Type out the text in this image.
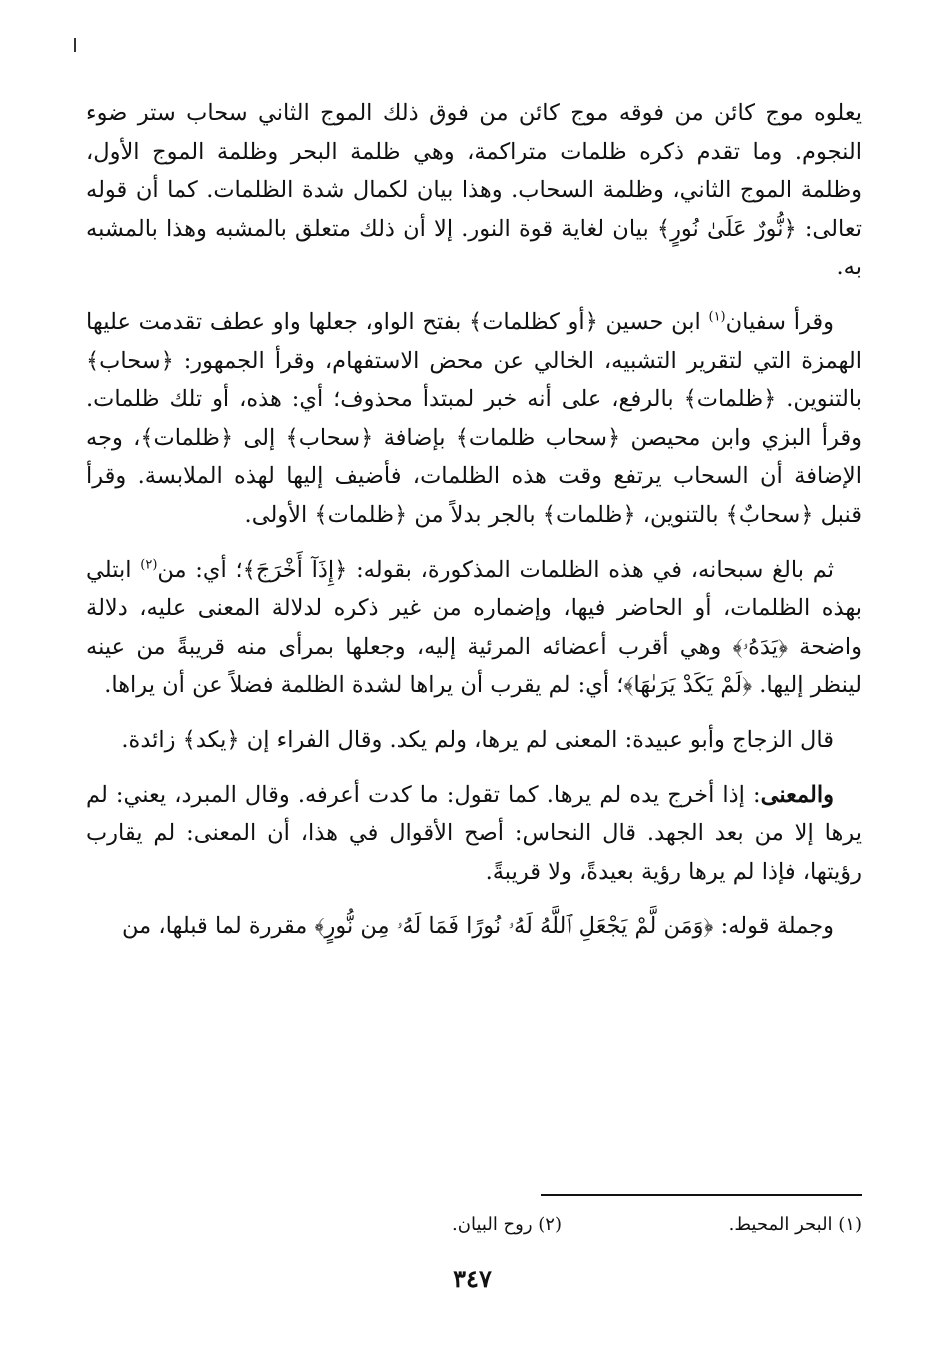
يعلوه موج كائن من فوقه موج كائن من فوق ذلك الموج الثاني سحاب ستر ضوء النجوم. وما تقدم ذكره ظلمات متراكمة، وهي ظلمة البحر وظلمة الموج الأول، وظلمة الموج الثاني، وظلمة السحاب. وهذا بيان لكمال شدة الظلمات. كما أن قوله تعالى: ﴿نُّورٌ عَلَىٰ نُورٍ﴾ بيان لغاية قوة النور. إلا أن ذلك متعلق بالمشبه وهذا بالمشبه به.

وقرأ سفيان$^{(١)}$ ابن حسين ﴿أو كظلمات﴾ بفتح الواو، جعلها واو عطف تقدمت عليها الهمزة التي لتقرير التشبيه، الخالي عن محض الاستفهام، وقرأ الجمهور: ﴿سحاب﴾ بالتنوين. ﴿ظلمات﴾ بالرفع، على أنه خبر لمبتدأ محذوف؛ أي: هذه، أو تلك ظلمات. وقرأ البزي وابن محيصن ﴿سحاب ظلمات﴾ بإضافة ﴿سحاب﴾ إلى ﴿ظلمات﴾، وجه الإضافة أن السحاب يرتفع وقت هذه الظلمات، فأضيف إليها لهذه الملابسة. وقرأ قنبل ﴿سحابٌ﴾ بالتنوين، ﴿ظلمات﴾ بالجر بدلاً من ﴿ظلمات﴾ الأولى.

ثم بالغ سبحانه، في هذه الظلمات المذكورة، بقوله: ﴿إِذَآ أَخْرَجَ﴾؛ أي: من$^{(٢)}$ ابتلي بهذه الظلمات، أو الحاضر فيها، وإضماره من غير ذكره لدلالة المعنى عليه، دلالة واضحة ﴿يَدَهُۥ﴾ وهي أقرب أعضائه المرئية إليه، وجعلها بمرأى منه قريبةً من عينه لينظر إليها. ﴿لَمْ يَكَدْ يَرَىٰهَا﴾؛ أي: لم يقرب أن يراها لشدة الظلمة فضلاً عن أن يراها.

قال الزجاج وأبو عبيدة: المعنى لم يرها، ولم يكد. وقال الفراء إن ﴿يكد﴾ زائدة.

والمعنى: إذا أخرج يده لم يرها. كما تقول: ما كدت أعرفه. وقال المبرد، يعني: لم يرها إلا من بعد الجهد. قال النحاس: أصح الأقوال في هذا، أن المعنى: لم يقارب رؤيتها، فإذا لم يرها رؤية بعيدةً، ولا قريبةً.

وجملة قوله: ﴿وَمَن لَّمْ يَجْعَلِ ٱللَّهُ لَهُۥ نُورًا فَمَا لَهُۥ مِن نُّورٍ﴾ مقررة لما قبلها، من

(١) البحر المحيط.
(٢) روح البيان.
٣٤٧
